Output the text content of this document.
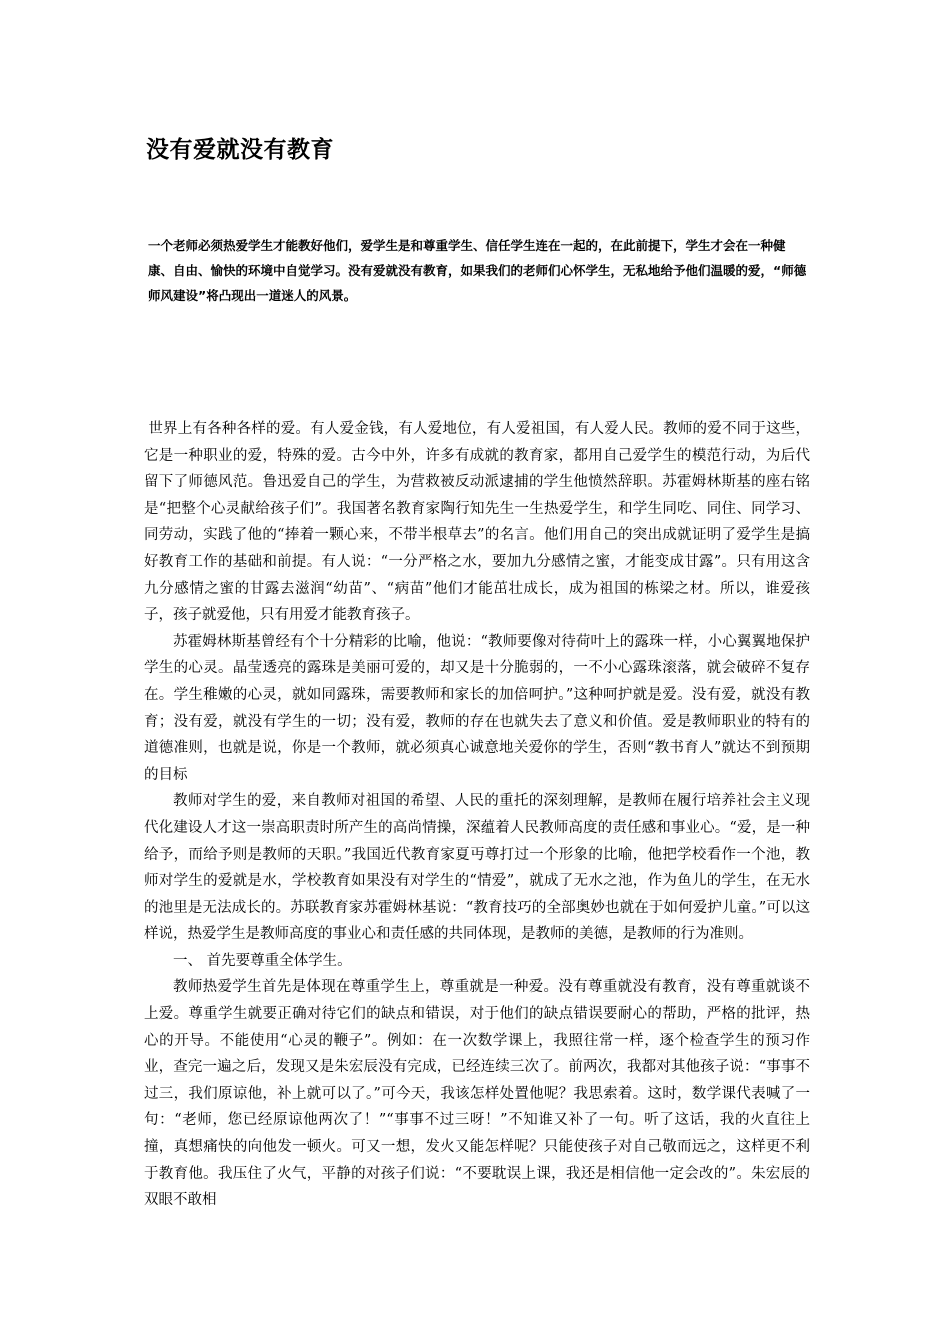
没有爱就没有教育

一个老师必须热爱学生才能教好他们，爱学生是和尊重学生、信任学生连在一起的，在此前提下，学生才会在一种健康、自由、愉快的环境中自觉学习。没有爱就没有教育，如果我们的老师们心怀学生，无私地给予他们温暖的爱，“师德师风建设”将凸现出一道迷人的风景。

世界上有各种各样的爱。有人爱金钱，有人爱地位，有人爱祖国，有人爱人民。教师的爱不同于这些，它是一种职业的爱，特殊的爱。古今中外，许多有成就的教育家，都用自己爱学生的模范行动，为后代留下了师德风范。鲁迅爱自己的学生，为营救被反动派逮捕的学生他愤然辞职。苏霍姆林斯基的座右铭是“把整个心灵献给孩子们”。我国著名教育家陶行知先生一生热爱学生，和学生同吃、同住、同学习、同劳动，实践了他的“捧着一颗心来，不带半根草去”的名言。他们用自己的突出成就证明了爱学生是搞好教育工作的基础和前提。有人说：“一分严格之水，要加九分感情之蜜，才能变成甘露”。只有用这含九分感情之蜜的甘露去滋润“幼苗”、“病苗”他们才能茁壮成长，成为祖国的栋梁之材。所以，谁爱孩子，孩子就爱他，只有用爱才能教育孩子。

苏霍姆林斯基曾经有个十分精彩的比喻，他说：“教师要像对待荷叶上的露珠一样，小心翼翼地保护学生的心灵。晶莹透亮的露珠是美丽可爱的，却又是十分脆弱的，一不小心露珠滚落，就会破碎不复存在。学生稚嫩的心灵，就如同露珠，需要教师和家长的加倍呵护。”这种呵护就是爱。没有爱，就没有教育；没有爱，就没有学生的一切；没有爱，教师的存在也就失去了意义和价值。爱是教师职业的特有的道德准则，也就是说，你是一个教师，就必须真心诚意地关爱你的学生，否则“教书育人”就达不到预期的目标

教师对学生的爱，来自教师对祖国的希望、人民的重托的深刻理解，是教师在履行培养社会主义现代化建设人才这一崇高职责时所产生的高尚情操，深蕴着人民教师高度的责任感和事业心。“爱，是一种给予，而给予则是教师的天职。”我国近代教育家夏丏尊打过一个形象的比喻，他把学校看作一个池，教师对学生的爱就是水，学校教育如果没有对学生的“情爱”，就成了无水之池，作为鱼儿的学生，在无水的池里是无法成长的。苏联教育家苏霍姆林基说：“教育技巧的全部奥妙也就在于如何爱护儿童。”可以这样说，热爱学生是教师高度的事业心和责任感的共同体现，是教师的美德，是教师的行为准则。

一、 首先要尊重全体学生。

教师热爱学生首先是体现在尊重学生上，尊重就是一种爱。没有尊重就没有教育，没有尊重就谈不上爱。尊重学生就要正确对待它们的缺点和错误，对于他们的缺点错误要耐心的帮助，严格的批评，热心的开导。不能使用“心灵的鞭子”。例如：在一次数学课上，我照往常一样，逐个检查学生的预习作业，查完一遍之后，发现又是朱宏辰没有完成，已经连续三次了。前两次，我都对其他孩子说：“事事不过三，我们原谅他，补上就可以了。”可今天，我该怎样处置他呢？我思索着。这时，数学课代表喊了一句：“老师，您已经原谅他两次了！”“事事不过三呀！”不知谁又补了一句。听了这话，我的火直往上撞，真想痛快的向他发一顿火。可又一想，发火又能怎样呢？只能使孩子对自己敬而远之，这样更不利于教育他。我压住了火气，平静的对孩子们说：“不要耽误上课，我还是相信他一定会改的”。朱宏辰的双眼不敢相
